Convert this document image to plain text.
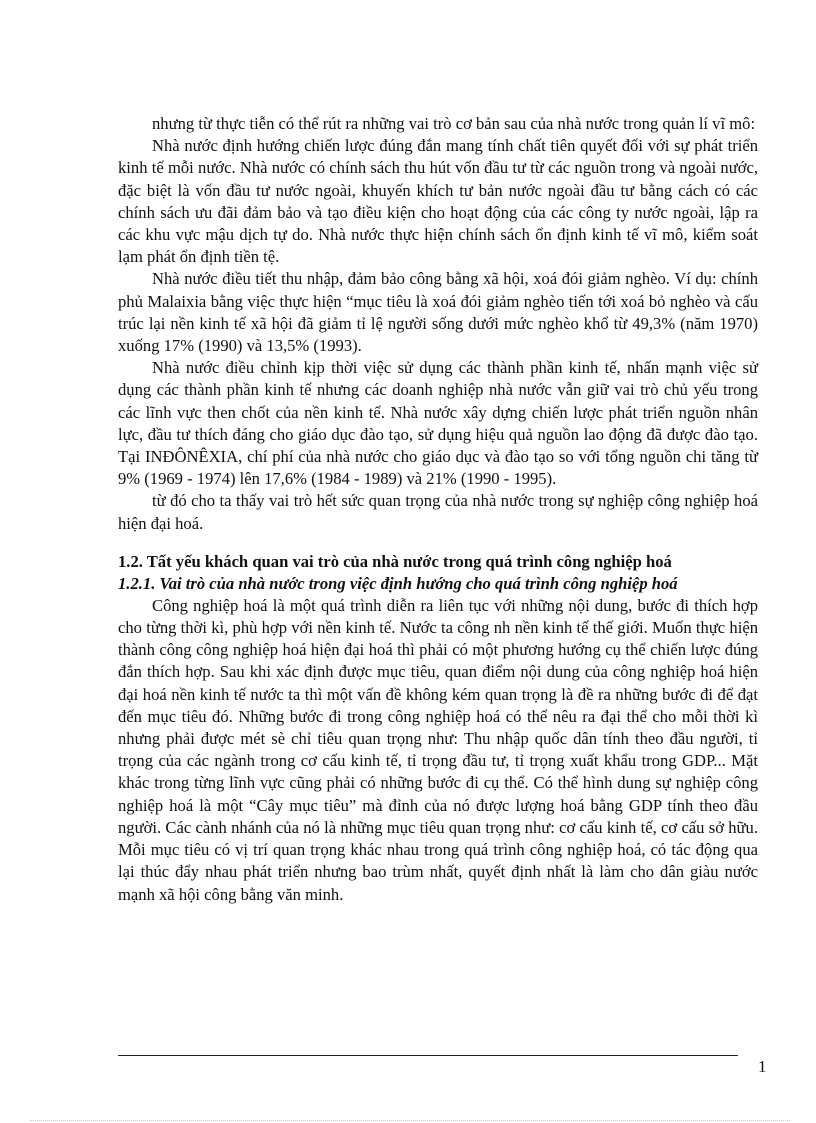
nhưng từ thực tiễn có thể rút ra những vai trò cơ bản sau của nhà nước trong quản lí vĩ mô:

Nhà nước định hướng chiến lược đúng đắn mang tính chất tiên quyết đối với sự phát triển kinh tế mỗi nước. Nhà nước có chính sách thu hút vốn đầu tư từ các nguồn trong và ngoài nước, đặc biệt là vốn đầu tư nước ngoài, khuyến khích tư bản nước ngoài đầu tư bằng cách có các chính sách ưu đãi đảm bảo và tạo điều kiện cho hoạt động của các công ty nước ngoài, lập ra các khu vực mậu dịch tự do. Nhà nước thực hiện chính sách ổn định kinh tế vĩ mô, kiểm soát lạm phát ổn định tiền tệ.

Nhà nước điều tiết thu nhập, đảm bảo công bằng xã hội, xoá đói giảm nghèo. Ví dụ: chính phủ Malaixia bằng việc thực hiện “mục tiêu là xoá đói giảm nghèo tiến tới xoá bỏ nghèo và cấu trúc lại nền kinh tế xã hội đã giảm tỉ lệ người sống dưới mức nghèo khổ từ 49,3% (năm 1970) xuống 17% (1990) và 13,5% (1993).

Nhà nước điều chỉnh kịp thời việc sử dụng các thành phần kinh tế, nhấn mạnh việc sử dụng các thành phần kinh tế nhưng các doanh nghiệp nhà nước vẫn giữ vai trò chủ yếu trong các lĩnh vực then chốt của nền kinh tế. Nhà nước xây dựng chiến lược phát triển nguồn nhân lực, đầu tư thích đáng cho giáo dục đào tạo, sử dụng hiệu quả nguồn lao động đã được đào tạo. Tại INĐÔNÊXIA, chí phí của nhà nước cho giáo dục và đào tạo so với tổng nguồn chi tăng từ 9% (1969 - 1974) lên 17,6% (1984 - 1989) và 21% (1990 - 1995).

từ đó cho ta thấy vai trò hết sức quan trọng của nhà nước trong sự nghiệp công nghiệp hoá hiện đại hoá.

1.2. Tất yếu khách quan vai trò của nhà nước trong quá trình công nghiệp hoá
1.2.1. Vai trò của nhà nước trong việc định hướng cho quá trình công nghiệp hoá

Công nghiệp hoá là một quá trình diễn ra liên tục với những nội dung, bước đi thích hợp cho từng thời kì, phù hợp với nền kinh tế. Nước ta công nh nền kinh tế thế giới. Muốn thực hiện thành công công nghiệp hoá hiện đại hoá thì phải có một phương hướng cụ thể chiến lược đúng đắn thích hợp. Sau khi xác định được mục tiêu, quan điểm nội dung của công nghiệp hoá hiện đại hoá nền kinh tế nước ta thì một vấn đề không kém quan trọng là đề ra những bước đi để đạt đến mục tiêu đó. Những bước đi trong công nghiệp hoá có thể nêu ra đại thể cho mỗi thời kì nhưng phải được mét sè chỉ tiêu quan trọng như: Thu nhập quốc dân tính theo đầu người, tỉ trọng của các ngành trong cơ cấu kinh tế, tỉ trọng đầu tư, tỉ trọng xuất khẩu trong GDP... Mặt khác trong từng lĩnh vực cũng phải có những bước đi cụ thể. Có thể hình dung sự nghiệp công nghiệp hoá là một “Cây mục tiêu” mà đỉnh của nó được lượng hoá bằng GDP tính theo đầu người. Các cành nhánh của nó là những mục tiêu quan trọng như: cơ cấu kinh tế, cơ cấu sở hữu. Mỗi mục tiêu có vị trí quan trọng khác nhau trong quá trình công nghiệp hoá, có tác động qua lại thúc đẩy nhau phát triển nhưng bao trùm nhất, quyết định nhất là làm cho dân giàu nước mạnh xã hội công bằng văn minh.

1
